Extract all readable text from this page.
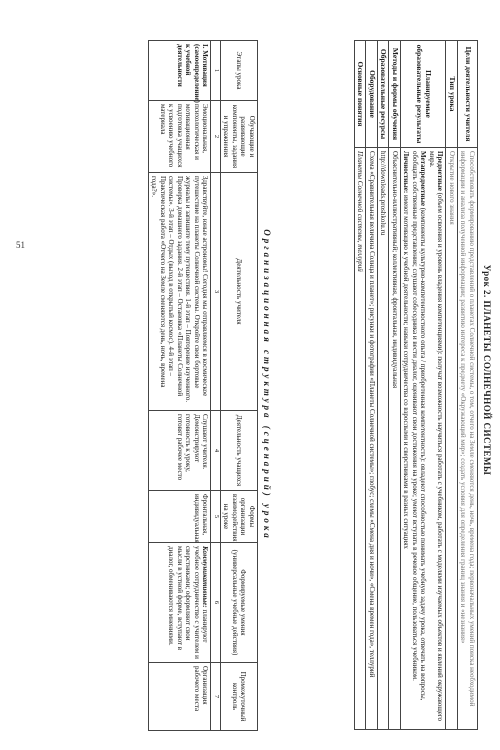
51
Урок 2. ПЛАНЕТЫ СОЛНЕЧНОЙ СИСТЕМЫ
Цели деятельности учителя	Способствовать формированию представлений о планетах Солнечной системы, о том, отчего на Земле сменяются день, ночь, времена года; первоначальных умений поиска необходимой информации и анализа полученной информации; развитию интереса к предмету «Окружающий мир»; создать условия для определения границ знания и «незнания»
Тип урока	Открытие нового знания
Планируемые образовательные результаты	Предметные (объем освоения и уровень владения компетенциями): получат возможность научиться работать с учебником, работать с моделями изучаемых объектов и явлений окружающего мира.
Метапредметные (компоненты культурно-компетентностного опыта / приобретенная компетентность): овладеют способностью понимать учебную задачу урока, отвечать на вопросы, обобщать собственные представления; слушают собеседника и вести диалог, оценивают свои достижения на уроке; умеют вступать в речевое общение, пользоваться учебником.
Личностные: имеют мотивацию к учебной деятельности; навыки сотрудничества со взрослыми и сверстниками в разных ситуациях
Методы и формы обучения	Объяснительно-иллюстративный; коллективная, фронтальная, индивидуальная
Образовательные ресурсы	http://downloads.proshkolu.ru
Оборудование	Схема «Сравнительная величина Солнца и планет»; рисунки и фотографии «Планеты Солнечной системы»; глобус; схемы «Смена дня и ночи», «Смена времен года», теллурий
Основные понятия	Планеты Солнечной системы, теллурий
Организационная структура (сценарий) урока
Этапы урока	Обучающие и развивающие компоненты, задания и упражнения	Деятельность учителя	Деятельность учащихся	Формы организации взаимодействия на уроке	Формируемые умения (универсальные учебные действия)	Промежуточный контроль
1	2	3	4	5	6	7
I. Мотивация (самоопределение) к учебной деятельности	Эмоциональная, психологическая и мотивационная подготовка учащихся к усвоению учебного материала	Здравствуйте, юные астрономы! Сегодня мы отправляемся в космическое путешествие на планеты Солнечной системы. Откройте свои бортовые журналы и запишите тему путешествия. 1-й этап – Повторение изученного. Проверка домашнего задания. 2-й этап – Остановка «Планеты Солнечной системы». 3-й этап – Отдых (выход в открытый космос). 4-й этап – Практическая работа «Отчего на Земле сменяются день, ночь, времена года?».	Слушают учителя. Демонстрируют готовность к уроку, готовят рабочее место	Фронтальная, индивидуальная	Коммуникативные: планируют учебное сотрудничество с учителем и сверстниками; оформляют свои мысли в устной форме, вступают в диалог, обмениваются мнениями.	Организация рабочего места
